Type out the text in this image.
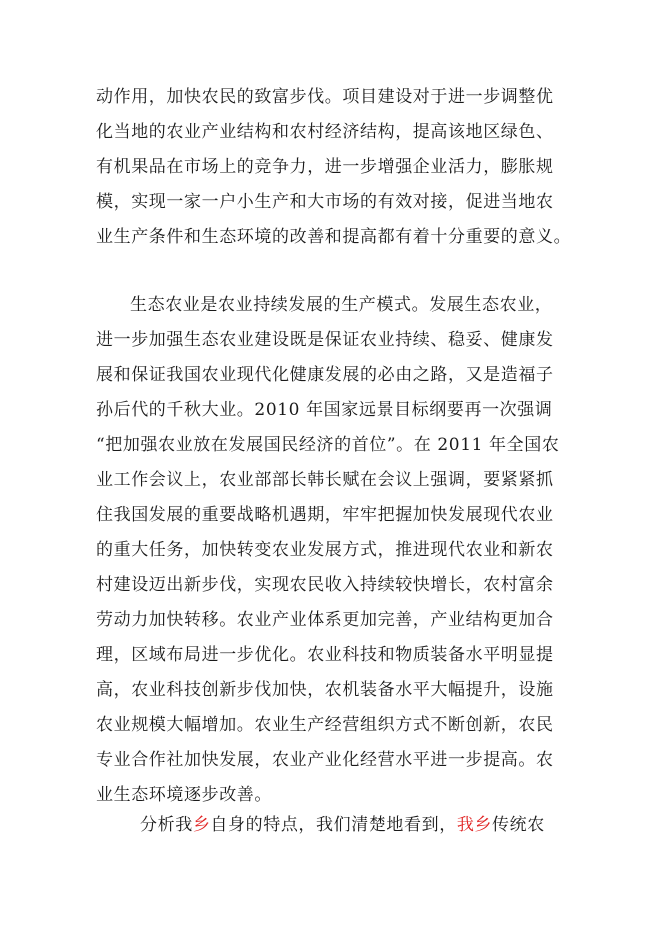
动作用，加快农民的致富步伐。项目建设对于进一步调整优
化当地的农业产业结构和农村经济结构，提高该地区绿色、
有机果品在市场上的竞争力，进一步增强企业活力，膨胀规
模，实现一家一户小生产和大市场的有效对接，促进当地农
业生产条件和生态环境的改善和提高都有着十分重要的意义。
生态农业是农业持续发展的生产模式。发展生态农业，
进一步加强生态农业建设既是保证农业持续、稳妥、健康发
展和保证我国农业现代化健康发展的必由之路，又是造福子
孙后代的千秋大业。2010 年国家远景目标纲要再一次强调
“把加强农业放在发展国民经济的首位”。在 2011 年全国农
业工作会议上，农业部部长韩长赋在会议上强调，要紧紧抓
住我国发展的重要战略机遇期，牢牢把握加快发展现代农业
的重大任务，加快转变农业发展方式，推进现代农业和新农
村建设迈出新步伐，实现农民收入持续较快增长，农村富余
劳动力加快转移。农业产业体系更加完善，产业结构更加合
理，区域布局进一步优化。农业科技和物质装备水平明显提
高，农业科技创新步伐加快，农机装备水平大幅提升，设施
农业规模大幅增加。农业生产经营组织方式不断创新，农民
专业合作社加快发展，农业产业化经营水平进一步提高。农
业生态环境逐步改善。
分析我乡自身的特点，我们清楚地看到，我乡传统农
